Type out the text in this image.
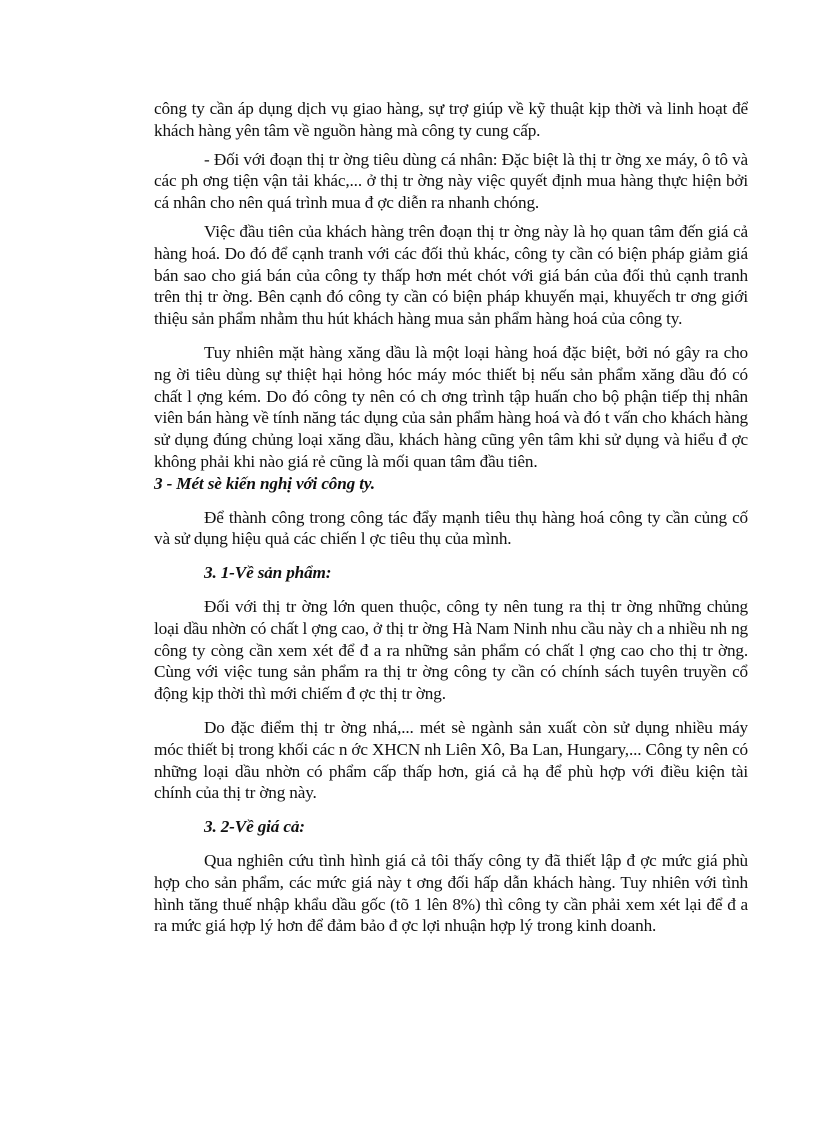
công ty cần áp dụng dịch vụ giao hàng, sự trợ giúp về kỹ thuật kịp thời và linh hoạt để khách hàng yên tâm về nguồn hàng mà công ty cung cấp.

- Đối với đoạn thị tr ờng tiêu dùng cá nhân: Đặc biệt là thị tr ờng xe máy, ô tô và các ph ơng tiện vận tải khác,... ở thị tr ờng này việc quyết định mua hàng thực hiện bởi cá nhân cho nên quá trình mua đ ợc diễn ra nhanh chóng.

Việc đầu tiên của khách hàng trên đoạn thị tr ờng này là họ quan tâm đến giá cả hàng hoá. Do đó để cạnh tranh với các đối thủ khác, công ty cần có biện pháp giảm giá bán sao cho giá bán của công ty thấp hơn mét chót với giá bán của đối thủ cạnh tranh trên thị tr ờng. Bên cạnh đó công ty cần có biện pháp khuyến mại, khuyếch tr ơng giới thiệu sản phẩm nhằm thu hút khách hàng mua sản phẩm hàng hoá của công ty.

Tuy nhiên mặt hàng xăng dầu là một loại hàng hoá đặc biệt, bởi nó gây ra cho ng ời tiêu dùng sự thiệt hại hỏng hóc máy móc thiết bị nếu sản phẩm xăng dầu đó có chất l ợng kém. Do đó công ty nên có ch ơng trình tập huấn cho bộ phận tiếp thị nhân viên bán hàng về tính năng tác dụng của sản phẩm hàng hoá và đó t vấn cho khách hàng sử dụng đúng chủng loại xăng dầu, khách hàng cũng yên tâm khi sử dụng và hiểu đ ợc không phải khi nào giá rẻ cũng là mối quan tâm đầu tiên.

3 - Mét sè kiến nghị với công ty.

Để thành công trong công tác đẩy mạnh tiêu thụ hàng hoá công ty cần củng cố và sử dụng hiệu quả các chiến l ợc tiêu thụ của mình.

3. 1-Về sản phẩm:

Đối với thị tr ờng lớn quen thuộc, công ty nên tung ra thị tr ờng những chủng loại dầu nhờn có chất l ợng cao, ở thị tr ờng Hà Nam Ninh nhu cầu này ch a nhiều nh ng công ty còng cần xem xét để đ a ra những sản phẩm có chất l ợng cao cho thị tr ờng. Cùng với việc tung sản phẩm ra thị tr ờng công ty cần có chính sách tuyên truyền cổ động kịp thời thì mới chiếm đ ợc thị tr ờng.

Do đặc điểm thị tr ờng nhá,... mét sè ngành sản xuất còn sử dụng nhiều máy móc thiết bị trong khối các n ớc XHCN nh Liên Xô, Ba Lan, Hungary,... Công ty nên có những loại dầu nhờn có phẩm cấp thấp hơn, giá cả hạ để phù hợp với điều kiện tài chính của thị tr ờng này.

3. 2-Về giá cả:

Qua nghiên cứu tình hình giá cả tôi thấy công ty đã thiết lập đ ợc mức giá phù hợp cho sản phẩm, các mức giá này t ơng đối hấp dẫn khách hàng. Tuy nhiên với tình hình tăng thuế nhập khẩu dầu gốc (tõ 1 lên 8%) thì công ty cần phải xem xét lại để đ a ra mức giá hợp lý hơn để đảm bảo đ ợc lợi nhuận hợp lý trong kinh doanh.
